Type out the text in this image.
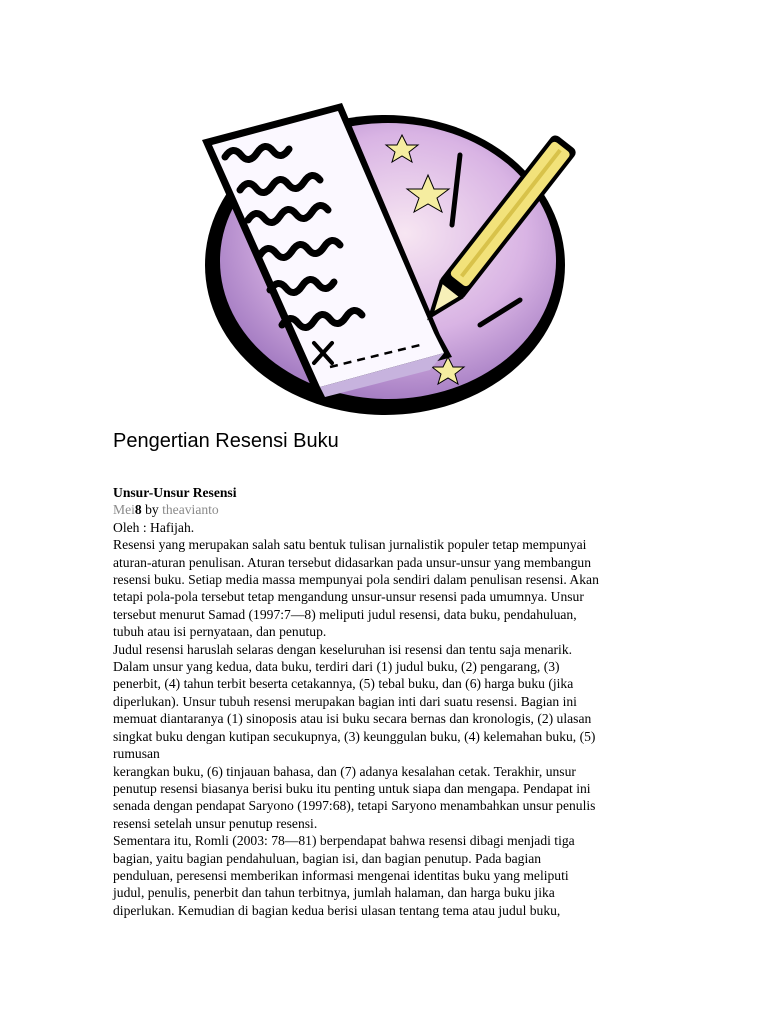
Pengertian Resensi Buku
Unsur-Unsur Resensi
Mei8 by theavianto
Oleh : Hafijah.
Resensi yang merupakan salah satu bentuk tulisan jurnalistik populer tetap mempunyai
aturan-aturan penulisan. Aturan tersebut didasarkan pada unsur-unsur yang membangun
resensi buku. Setiap media massa mempunyai pola sendiri dalam penulisan resensi. Akan
tetapi pola-pola tersebut tetap mengandung unsur-unsur resensi pada umumnya. Unsur
tersebut menurut Samad (1997:7—8) meliputi judul resensi, data buku, pendahuluan,
tubuh atau isi pernyataan, dan penutup.
Judul resensi haruslah selaras dengan keseluruhan isi resensi dan tentu saja menarik.
Dalam unsur yang kedua, data buku, terdiri dari (1) judul buku, (2) pengarang, (3)
penerbit, (4) tahun terbit beserta cetakannya, (5) tebal buku, dan (6) harga buku (jika
diperlukan). Unsur tubuh resensi merupakan bagian inti dari suatu resensi. Bagian ini
memuat diantaranya (1) sinoposis atau isi buku secara bernas dan kronologis, (2) ulasan
singkat buku dengan kutipan secukupnya, (3) keunggulan buku, (4) kelemahan buku, (5)
rumusan
kerangkan buku, (6) tinjauan bahasa, dan (7) adanya kesalahan cetak. Terakhir, unsur
penutup resensi biasanya berisi buku itu penting untuk siapa dan mengapa. Pendapat ini
senada dengan pendapat Saryono (1997:68), tetapi Saryono menambahkan unsur penulis
resensi setelah unsur penutup resensi.
Sementara itu, Romli (2003: 78—81) berpendapat bahwa resensi dibagi menjadi tiga
bagian, yaitu bagian pendahuluan, bagian isi, dan bagian penutup. Pada bagian
penduluan, peresensi memberikan informasi mengenai identitas buku yang meliputi
judul, penulis, penerbit dan tahun terbitnya, jumlah halaman, dan harga buku jika
diperlukan. Kemudian di bagian kedua berisi ulasan tentang tema atau judul buku,
